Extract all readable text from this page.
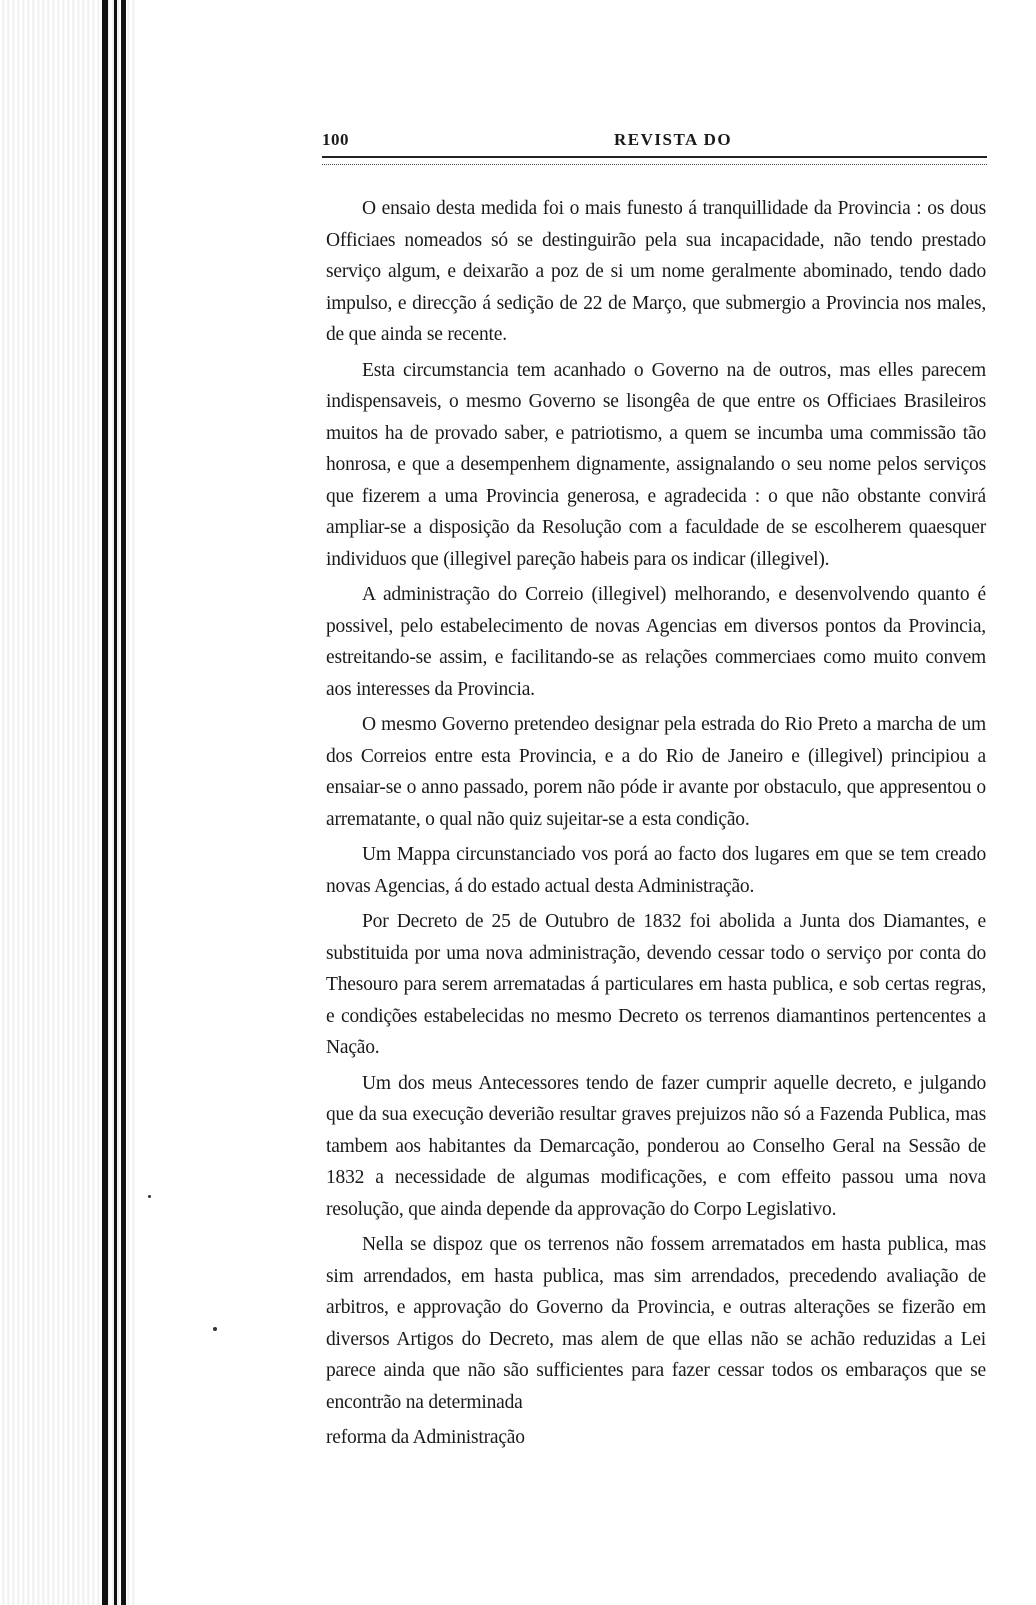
100	REVISTA DO

O ensaio desta medida foi o mais funesto á tranquillidade da Provincia : os dous Officiaes nomeados só se destinguirão pela sua incapacidade, não tendo prestado serviço algum, e deixarão a poz de si um nome geralmente abominado, tendo dado impulso, e direcção á sedição de 22 de Março, que submergio a Provincia nos males, de que ainda se recente.

Esta circumstancia tem acanhado o Governo na de outros, mas elles parecem indispensaveis, o mesmo Governo se lisongêa de que entre os Officiaes Brasileiros muitos ha de provado saber, e patriotismo, a quem se incumba uma commissão tão honrosa, e que a desempenhem dignamente, assignalando o seu nome pelos serviços que fizerem a uma Provincia generosa, e agradecida : o que não obstante convirá ampliar-se a disposição da Resolução com a faculdade de se escolherem quaesquer individuos que (illegivel pareção habeis para os indicar (illegivel).

A administração do Correio (illegivel) melhorando, e desenvolvendo quanto é possivel, pelo estabelecimento de novas Agencias em diversos pontos da Provincia, estreitando-se assim, e facilitando-se as relações commerciaes como muito convem aos interesses da Provincia.

O mesmo Governo pretendeo designar pela estrada do Rio Preto a marcha de um dos Correios entre esta Provincia, e a do Rio de Janeiro e (illegivel) principiou a ensaiar-se o anno passado, porem não póde ir avante por obstaculo, que appresentou o arrematante, o qual não quiz sujeitar-se a esta condição.

Um Mappa circunstanciado vos porá ao facto dos lugares em que se tem creado novas Agencias, á do estado actual desta Administração.

Por Decreto de 25 de Outubro de 1832 foi abolida a Junta dos Diamantes, e substituida por uma nova administração, devendo cessar todo o serviço por conta do Thesouro para serem arrematadas á particulares em hasta publica, e sob certas regras, e condições estabelecidas no mesmo Decreto os terrenos diamantinos pertencentes a Nação.

Um dos meus Antecessores tendo de fazer cumprir aquelle decreto, e julgando que da sua execução deverião resultar graves prejuizos não só a Fazenda Publica, mas tambem aos habitantes da Demarcação, ponderou ao Conselho Geral na Sessão de 1832 a necessidade de algumas modificações, e com effeito passou uma nova resolução, que ainda depende da approvação do Corpo Legislativo.

Nella se dispoz que os terrenos não fossem arrematados em hasta publica, mas sim arrendados, em hasta publica, mas sim arrendados, precedendo avaliação de arbitros, e approvação do Governo da Provincia, e outras alterações se fizerão em diversos Artigos do Decreto, mas alem de que ellas não se achão reduzidas a Lei parece ainda que não são sufficientes para fazer cessar todos os embaraços que se encontrão na determinada

reforma da Administração
